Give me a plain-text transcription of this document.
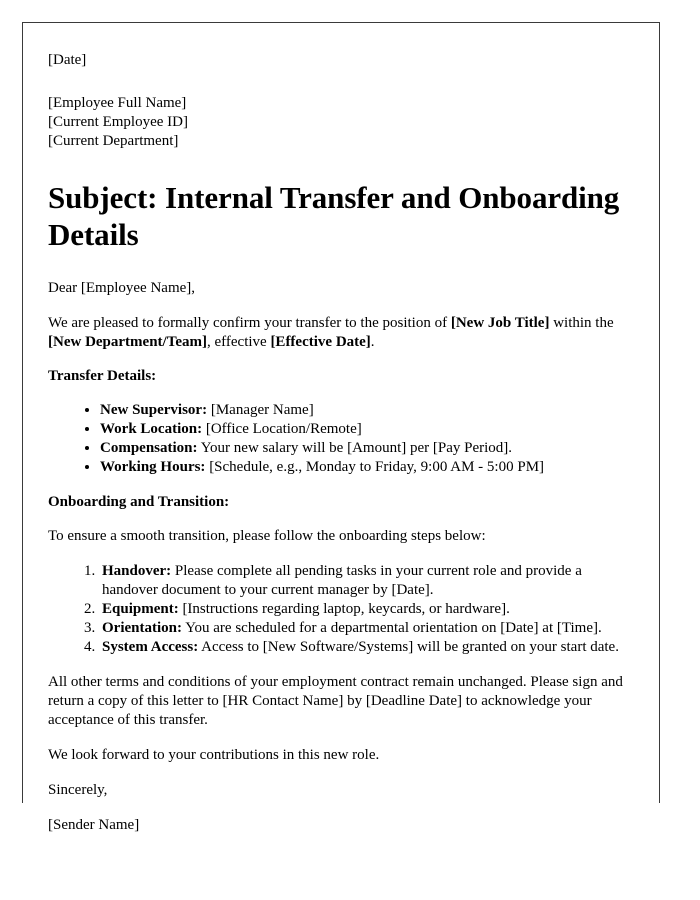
[Date]

[Employee Full Name]

[Current Employee ID]

[Current Department]

Subject: Internal Transfer and Onboarding Details

Dear [Employee Name],

We are pleased to formally confirm your transfer to the position of [New Job Title] within the [New Department/Team], effective [Effective Date].

Transfer Details:

• New Supervisor: [Manager Name]
• Work Location: [Office Location/Remote]
• Compensation: Your new salary will be [Amount] per [Pay Period].
• Working Hours: [Schedule, e.g., Monday to Friday, 9:00 AM - 5:00 PM]

Onboarding and Transition:

To ensure a smooth transition, please follow the onboarding steps below:

1. Handover: Please complete all pending tasks in your current role and provide a handover document to your current manager by [Date].
2. Equipment: [Instructions regarding laptop, keycards, or hardware].
3. Orientation: You are scheduled for a departmental orientation on [Date] at [Time].
4. System Access: Access to [New Software/Systems] will be granted on your start date.

All other terms and conditions of your employment contract remain unchanged. Please sign and return a copy of this letter to [HR Contact Name] by [Deadline Date] to acknowledge your acceptance of this transfer.

We look forward to your contributions in this new role.

Sincerely,

[Sender Name]
